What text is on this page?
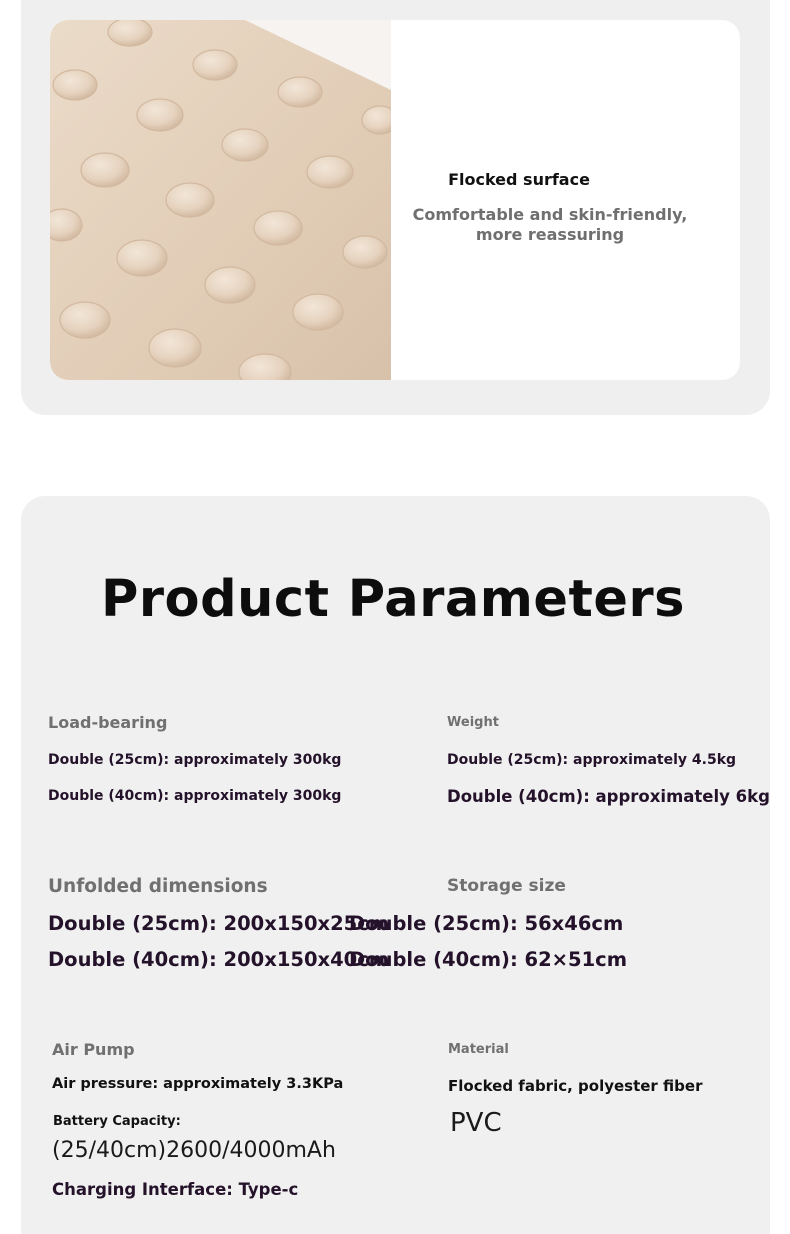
Flocked surface
Comfortable and skin-friendly, more reassuring
Product Parameters
Load-bearing
Double (25cm): approximately 300kg
Double (40cm): approximately 300kg
Weight
Double (25cm): approximately 4.5kg
Double (40cm): approximately 6kg
Unfolded dimensions
Double (25cm): 200x150x25cm
Double (40cm): 200x150x40cm
Storage size
Double (25cm): 56x46cm
Double (40cm): 62×51cm
Air Pump
Air pressure: approximately 3.3KPa
Battery Capacity:
(25/40cm)2600/4000mAh
Charging Interface: Type-c
Material
Flocked fabric, polyester fiber
PVC
